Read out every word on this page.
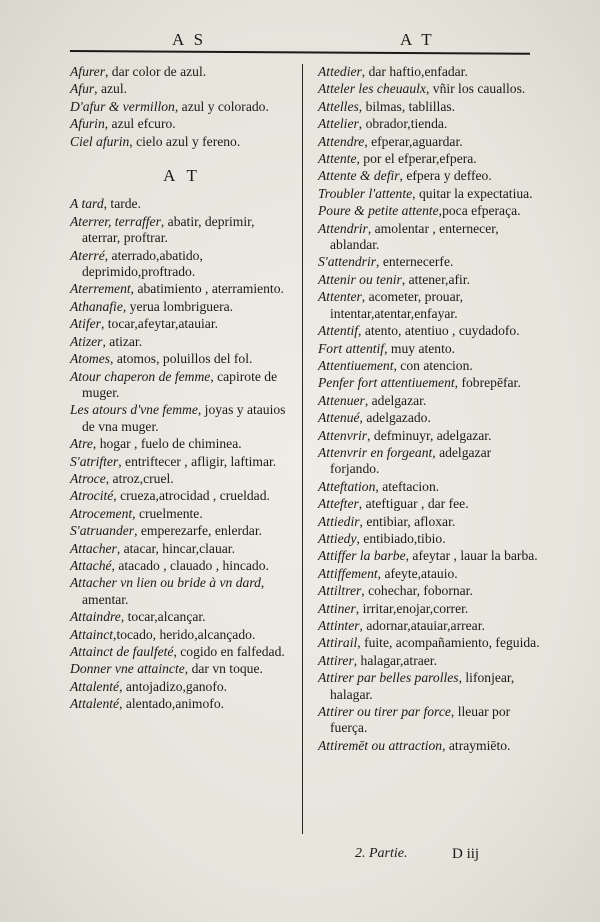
A S	A T
Afurer, dar color de azul.
Afur, azul.
D'afur & vermillon, azul y colorado.
Afurin, azul efcuro.
Ciel afurin, cielo azul y fereno.
A T
A tard, tarde.
Aterrer, terraffer, abatir, deprimir, aterrar, proftrar.
Aterré, aterrado,abatido, deprimido,proftrado.
Aterrement, abatimiento , aterramiento.
Athanafie, yerua lombriguera.
Atifer, tocar,afeytar,atauiar.
Atizer, atizar.
Atomes, atomos, poluillos del fol.
Atour chaperon de femme, capirote de muger.
Les atours d'vne femme, joyas y atauios de vna muger.
Atre, hogar , fuelo de chiminea.
S'atrifter, entriftecer , afligir, laftimar.
Atroce, atroz,cruel.
Atrocité, crueza,atrocidad , crueldad.
Atrocement, cruelmente.
S'atruander, emperezarfe, enlerdar.
Attacher, atacar, hincar,clauar.
Attaché, atacado , clauado , hincado.
Attacher vn lien ou bride à vn dard, amentar.
Attaindre, tocar,alcançar.
Attainct,tocado, herido,alcançado.
Attainct de faulfeté, cogido en falfedad.
Donner vne attaincte, dar vn toque.
Attalenté, antojadizo,ganofo.
Attalenté, alentado,animofo.
Attedier, dar haftio,enfadar.
Atteler les cheuaulx, vñir los cauallos.
Attelles, bilmas, tablillas.
Attelier, obrador,tienda.
Attendre, efperar,aguardar.
Attente, por el efperar,efpera.
Attente & defir, efpera y deffeo.
Troubler l'attente, quitar la expectatiua.
Poure & petite attente,poca efperaça.
Attendrir, amolentar , enternecer, ablandar.
S'attendrir, enternecerfe.
Attenir ou tenir, attener,afir.
Attenter, acometer, prouar, intentar,atentar,enfayar.
Attentif, atento, atentiuo , cuydadofo.
Fort attentif, muy atento.
Attentiuement, con atencion.
Penfer fort attentiuement, fobrepēfar.
Attenuer, adelgazar.
Attenué, adelgazado.
Attenvrir, defminuyr, adelgazar.
Attenvrir en forgeant, adelgazar forjando.
Atteftation, ateftacion.
Attefter, ateftiguar , dar fee.
Attiedir, entibiar, afloxar.
Attiedy, entibiado,tibio.
Attiffer la barbe, afeytar , lauar la barba.
Attiffement, afeyte,atauio.
Attiltrer, cohechar, fobornar.
Attiner, irritar,enojar,correr.
Attinter, adornar,atauiar,arrear.
Attirail, fuite, acompañamiento, feguida.
Attirer, halagar,atraer.
Attirer par belles parolles, lifonjear, halagar.
Attirer ou tirer par force, lleuar por fuerça.
Attiremēt ou attraction, atraymiēto.
2. Partie.	D iij
